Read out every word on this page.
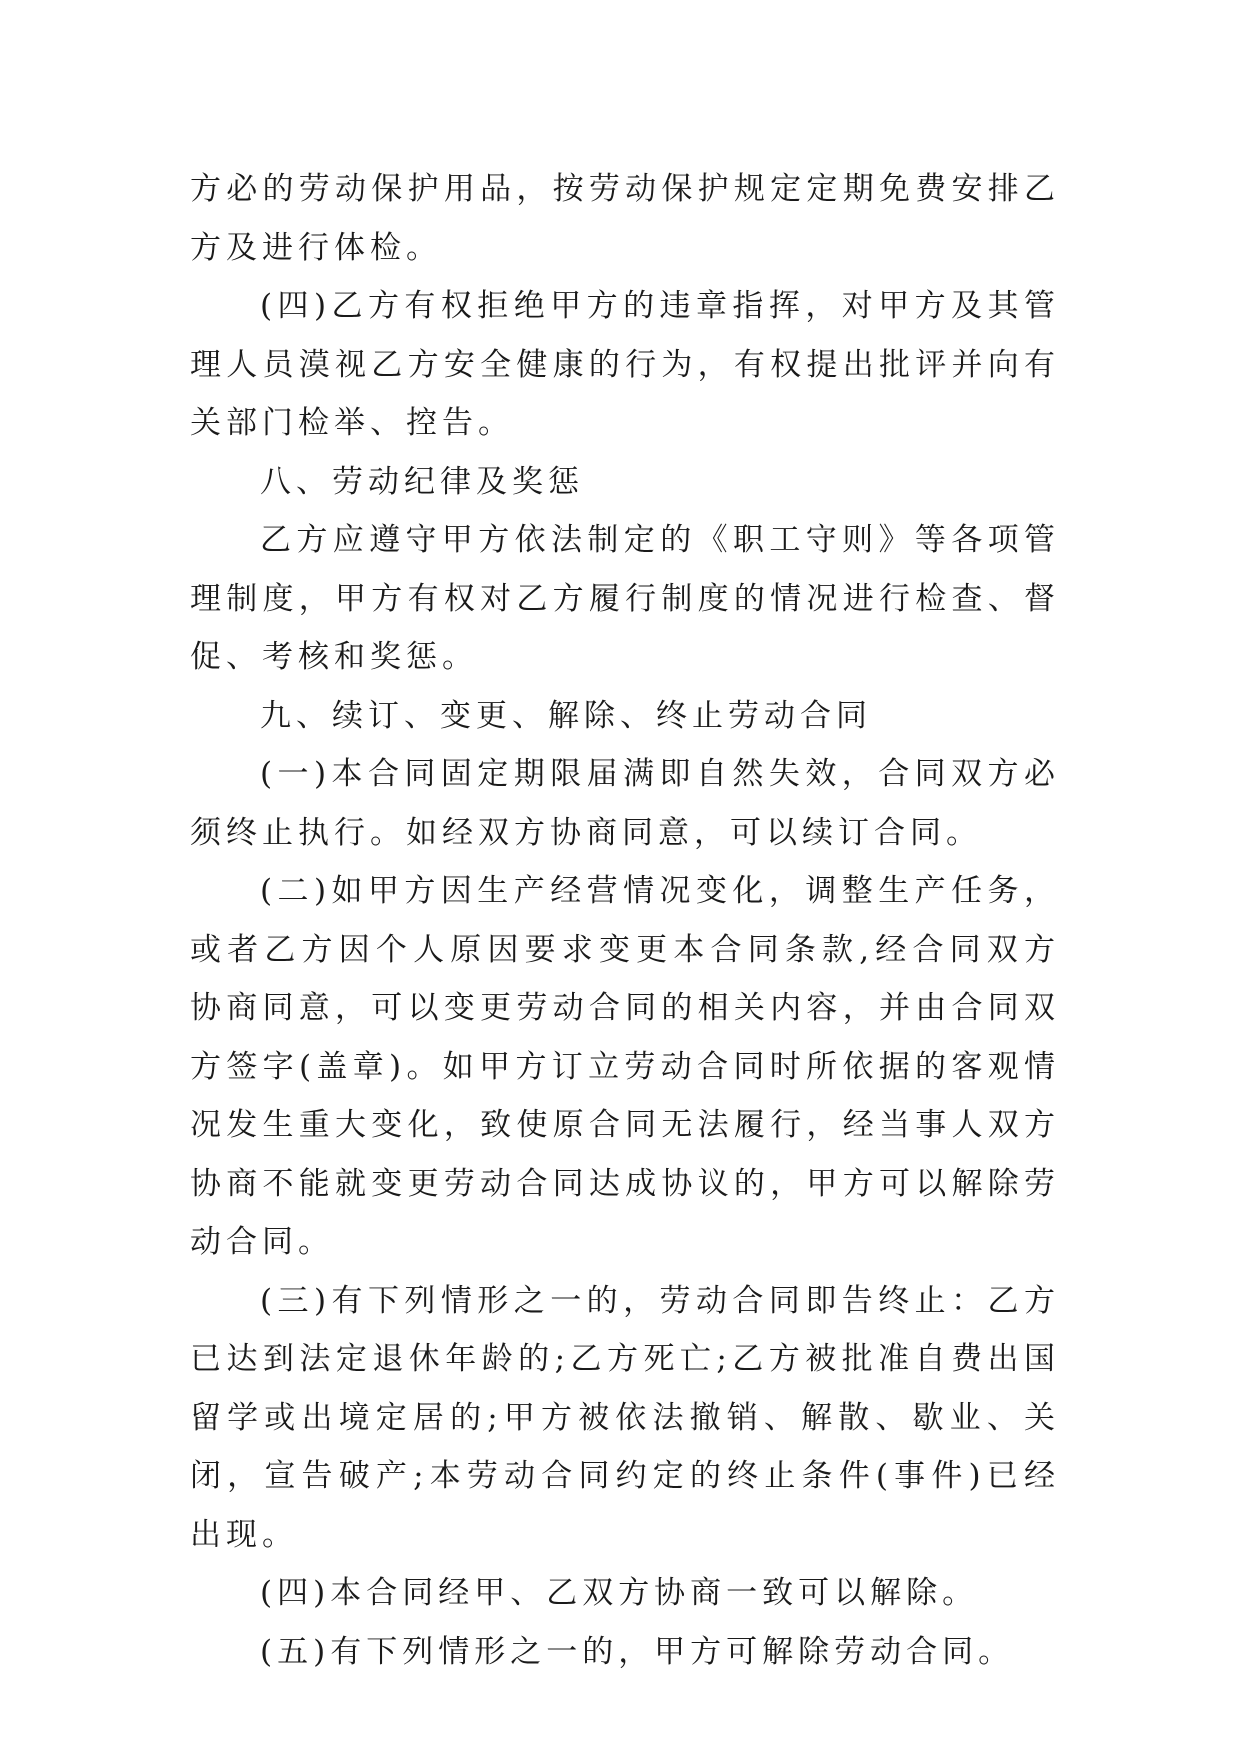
方必的劳动保护用品，按劳动保护规定定期免费安排乙方及进行体检。

(四)乙方有权拒绝甲方的违章指挥，对甲方及其管理人员漠视乙方安全健康的行为，有权提出批评并向有关部门检举、控告。

八、劳动纪律及奖惩

乙方应遵守甲方依法制定的《职工守则》等各项管理制度，甲方有权对乙方履行制度的情况进行检查、督促、考核和奖惩。

九、续订、变更、解除、终止劳动合同

(一)本合同固定期限届满即自然失效，合同双方必须终止执行。如经双方协商同意，可以续订合同。

(二)如甲方因生产经营情况变化，调整生产任务，或者乙方因个人原因要求变更本合同条款,经合同双方协商同意，可以变更劳动合同的相关内容，并由合同双方签字(盖章)。如甲方订立劳动合同时所依据的客观情况发生重大变化，致使原合同无法履行，经当事人双方协商不能就变更劳动合同达成协议的，甲方可以解除劳动合同。

(三)有下列情形之一的，劳动合同即告终止：乙方已达到法定退休年龄的;乙方死亡;乙方被批准自费出国留学或出境定居的;甲方被依法撤销、解散、歇业、关闭，宣告破产;本劳动合同约定的终止条件(事件)已经出现。

(四)本合同经甲、乙双方协商一致可以解除。

(五)有下列情形之一的，甲方可解除劳动合同。
